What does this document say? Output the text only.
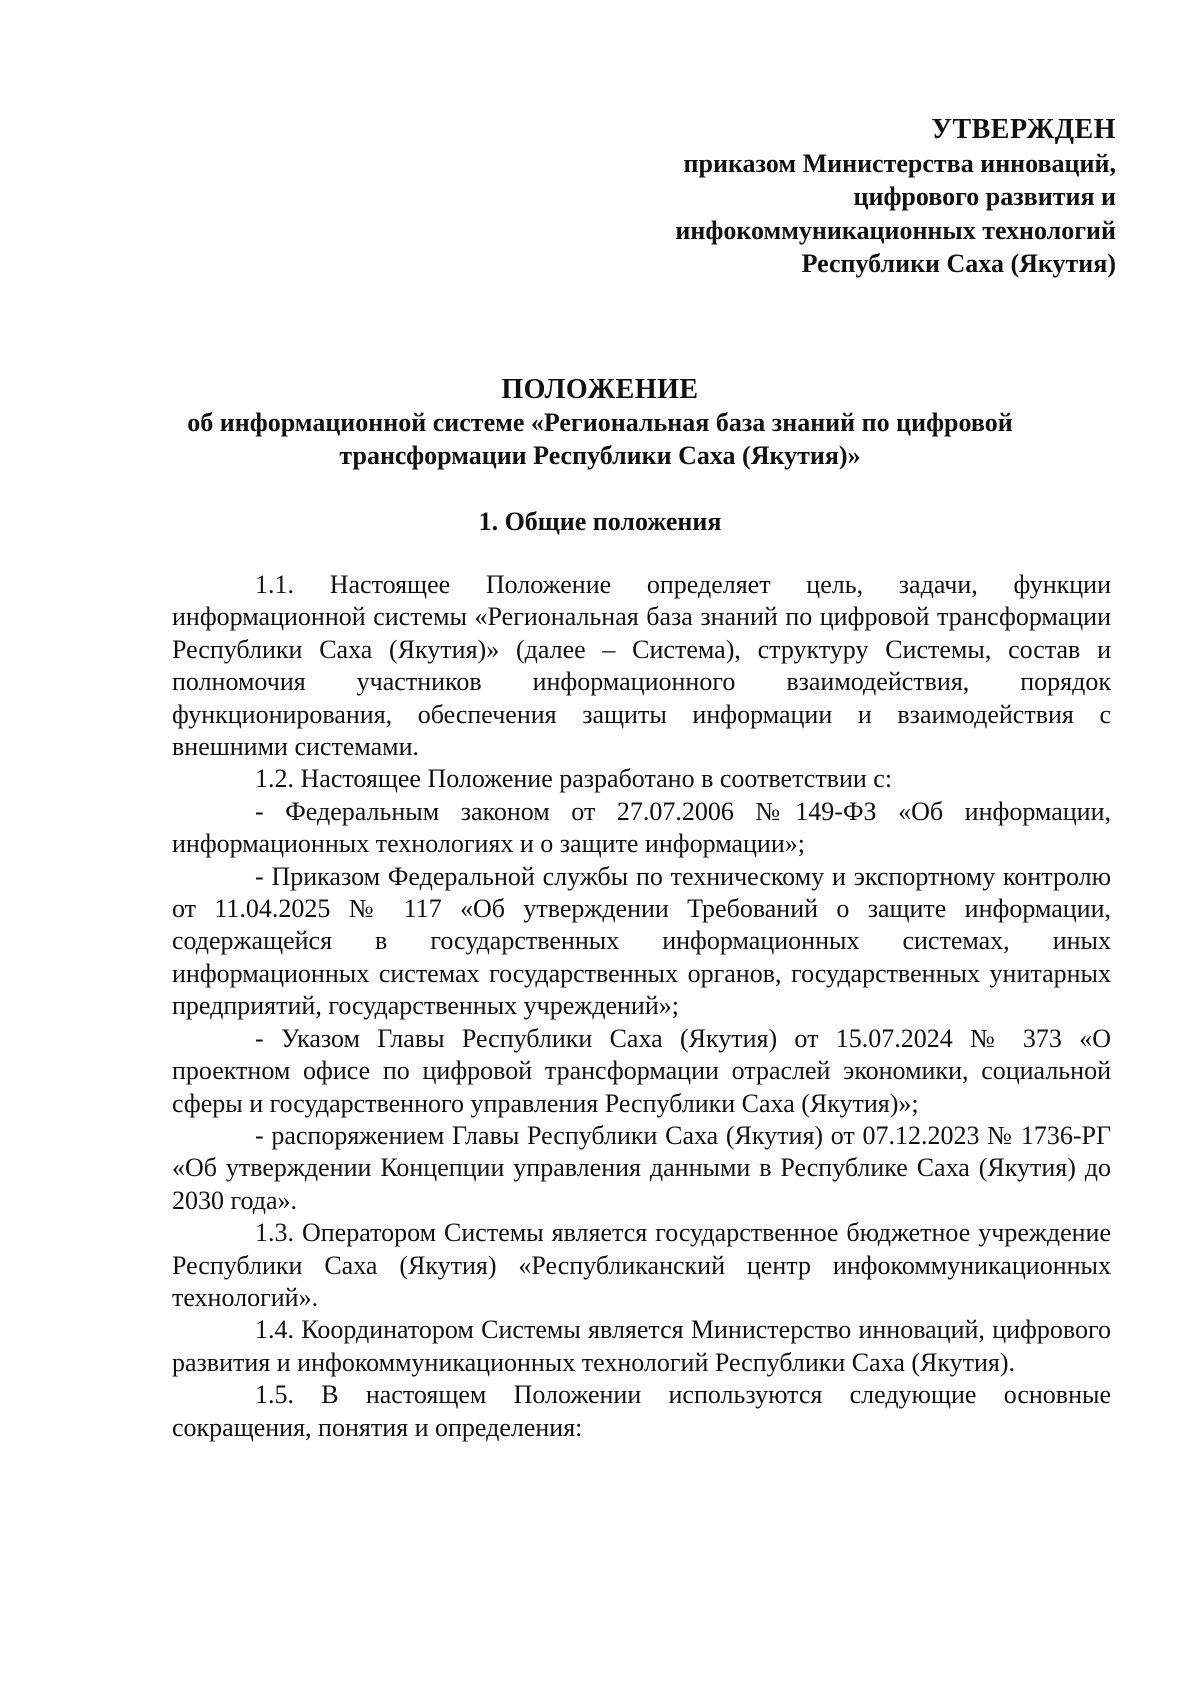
УТВЕРЖДЕН
приказом Министерства инноваций,
цифрового развития и
инфокоммуникационных технологий
Республики Саха (Якутия)
ПОЛОЖЕНИЕ
об информационной системе «Региональная база знаний по цифровой
трансформации Республики Саха (Якутия)»
1. Общие положения

1.1. Настоящее Положение определяет цель, задачи, функции информационной системы «Региональная база знаний по цифровой трансформации Республики Саха (Якутия)» (далее – Система), структуру Системы, состав и полномочия участников информационного взаимодействия, порядок функционирования, обеспечения защиты информации и взаимодействия с внешними системами.

1.2. Настоящее Положение разработано в соответствии с:

- Федеральным законом от 27.07.2006 №149-ФЗ «Об информации, информационных технологиях и о защите информации»;

- Приказом Федеральной службы по техническому и экспортному контролю от 11.04.2025 № 117 «Об утверждении Требований о защите информации, содержащейся в государственных информационных системах, иных информационных системах государственных органов, государственных унитарных предприятий, государственных учреждений»;

- Указом Главы Республики Саха (Якутия) от 15.07.2024 № 373 «О проектном офисе по цифровой трансформации отраслей экономики, социальной сферы и государственного управления Республики Саха (Якутия)»;

- распоряжением Главы Республики Саха (Якутия) от 07.12.2023 № 1736-РГ «Об утверждении Концепции управления данными в Республике Саха (Якутия) до 2030 года».

1.3. Оператором Системы является государственное бюджетное учреждение Республики Саха (Якутия) «Республиканский центр инфокоммуникационных технологий».

1.4. Координатором Системы является Министерство инноваций, цифрового развития и инфокоммуникационных технологий Республики Саха (Якутия).

1.5. В настоящем Положении используются следующие основные сокращения, понятия и определения:
